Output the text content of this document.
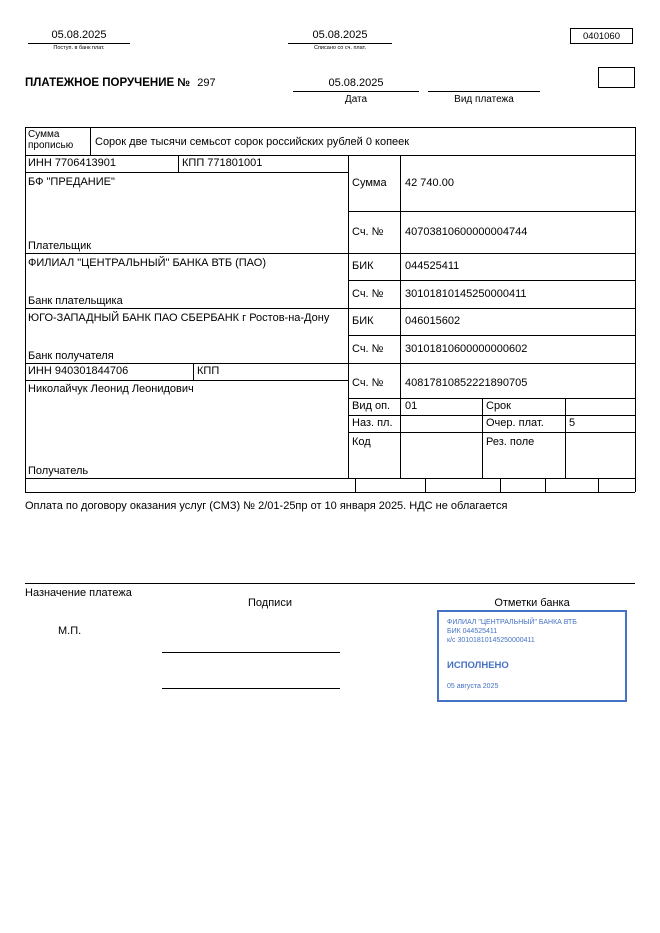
05.08.2025
Поступ. в банк плат.
05.08.2025
Списано со сч. плат.
0401060
ПЛАТЕЖНОЕ ПОРУЧЕНИЕ № 297	05.08.2025
Дата	Вид платежа
Сумма прописью	Сорок две тысячи семьсот сорок российских рублей 0 копеек
ИНН 7706413901	КПП 771801001
БФ "ПРЕДАНИЕ"
Плательщик
Сумма 42 740.00
Сч. № 40703810600000004744
ФИЛИАЛ "ЦЕНТРАЛЬНЫЙ" БАНКА ВТБ (ПАО)
Банк плательщика
БИК	044525411
Сч. № 30101810145250000411
ЮГО-ЗАПАДНЫЙ БАНК ПАО СБЕРБАНК г Ростов-на-Дону
Банк получателя
БИК	046015602
Сч. № 30101810600000000602
ИНН 940301844706	КПП
Николайчук Леонид Леонидович
Получатель
Сч. № 40817810852221890705
Вид оп. 01	Срок
Наз. пл.	Очер. плат. 5
Код	Рез. поле
Оплата по договору оказания услуг (СМЗ) № 2/01-25пр от 10 января 2025. НДС не облагается
Назначение платежа
Подписи	Отметки банка
М.П.
ФИЛИАЛ "ЦЕНТРАЛЬНЫЙ" БАНКА ВТБ
БИК 044525411
к/с 30101810145250000411
ИСПОЛНЕНО
05 августа 2025
